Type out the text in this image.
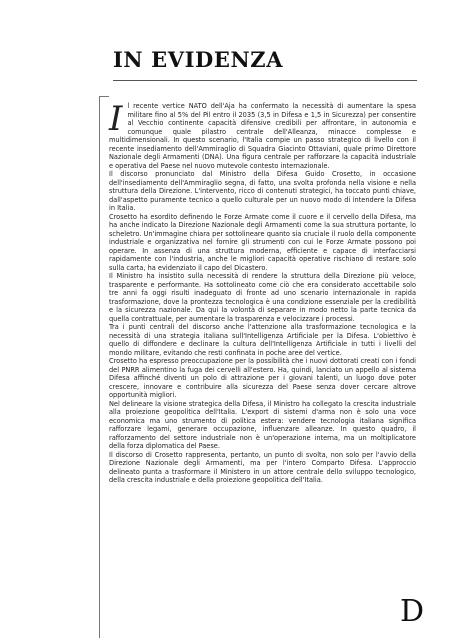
IN EVIDENZA

Il recente vertice NATO dell'Aja ha confermato la necessità di aumentare la spesa militare fino al 5% del Pil entro il 2035 (3,5 in Difesa e 1,5 in Sicurezza) per consentire al Vecchio continente capacità difensive credibili per affrontare, in autonomia e comunque quale pilastro centrale dell'Alleanza, minacce complesse e multidimensionali. In questo scenario, l'Italia compie un passo strategico di livello con il recente insediamento dell'Ammiraglio di Squadra Giacinto Ottaviani, quale primo Direttore Nazionale degli Armamenti (DNA). Una figura centrale per rafforzare la capacità industriale e operativa del Paese nel nuovo mutevole contesto internazionale.

Il discorso pronunciato dal Ministro della Difesa Guido Crosetto, in occasione dell'insediamento dell'Ammiraglio segna, di fatto, una svolta profonda nella visione e nella struttura della Direzione. L'intervento, ricco di contenuti strategici, ha toccato punti chiave, dall'aspetto puramente tecnico a quello culturale per un nuovo modo di intendere la Difesa in Italia.

Crosetto ha esordito definendo le Forze Armate come il cuore e il cervello della Difesa, ma ha anche indicato la Direzione Nazionale degli Armamenti come la sua struttura portante, lo scheletro. Un'immagine chiara per sottolineare quanto sia cruciale il ruolo della componente industriale e organizzativa nel fornire gli strumenti con cui le Forze Armate possono poi operare. In assenza di una struttura moderna, efficiente e capace di interfacciarsi rapidamente con l'industria, anche le migliori capacità operative rischiano di restare solo sulla carta, ha evidenziato il capo del Dicastero.

Il Ministro ha insistito sulla necessità di rendere la struttura della Direzione più veloce, trasparente e performante. Ha sottolineato come ciò che era considerato accettabile solo tre anni fa oggi risulti inadeguato di fronte ad uno scenario internazionale in rapida trasformazione, dove la prontezza tecnologica è una condizione essenziale per la credibilità e la sicurezza nazionale. Da qui la volontà di separare in modo netto la parte tecnica da quella contrattuale, per aumentare la trasparenza e velocizzare i processi.

Tra i punti centrali del discorso anche l'attenzione alla trasformazione tecnologica e la necessità di una strategia italiana sull'Intelligenza Artificiale per la Difesa. L'obiettivo è quello di diffondere e declinare la cultura dell'Intelligenza Artificiale in tutti i livelli del mondo militare, evitando che resti confinata in poche aree del vertice.

Crosetto ha espresso preoccupazione per la possibilità che i nuovi dottorati creati con i fondi del PNRR alimentino la fuga dei cervelli all'estero. Ha, quindi, lanciato un appello al sistema Difesa affinché diventi un polo di attrazione per i giovani talenti, un luogo dove poter crescere, innovare e contribuire alla sicurezza del Paese senza dover cercare altrove opportunità migliori.

Nel delineare la visione strategica della Difesa, il Ministro ha collegato la crescita industriale alla proiezione geopolitica dell'Italia. L'export di sistemi d'arma non è solo una voce economica ma uno strumento di politica estera: vendere tecnologia italiana significa rafforzare legami, generare occupazione, influenzare alleanze. In questo quadro, il rafforzamento del settore industriale non è un'operazione interna, ma un moltiplicatore della forza diplomatica del Paese.

Il discorso di Crosetto rappresenta, pertanto, un punto di svolta, non solo per l'avvio della Direzione Nazionale degli Armamenti, ma per l'intero Comparto Difesa. L'approccio delineato punta a trasformare il Ministero in un attore centrale dello sviluppo tecnologico, della crescita industriale e della proiezione geopolitica dell'Italia.

D
